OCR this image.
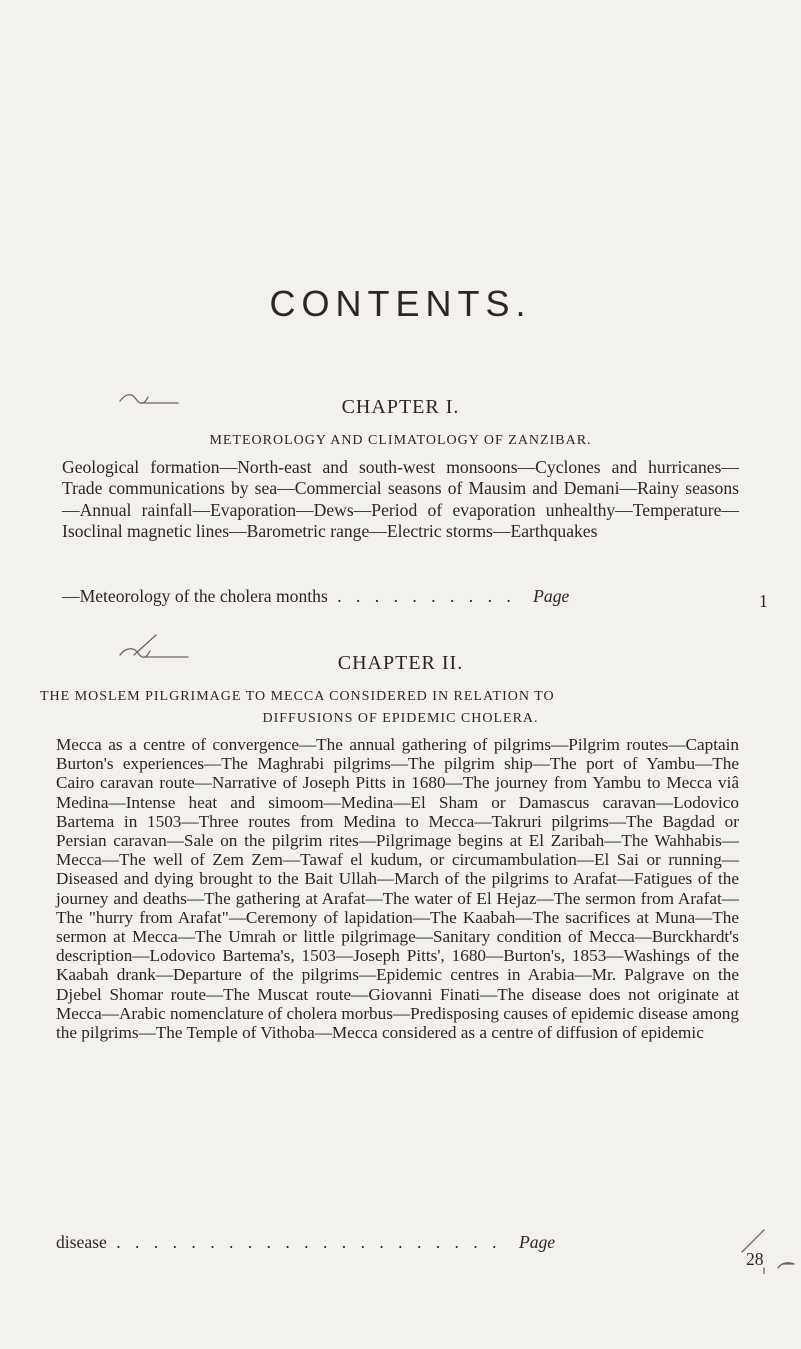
CONTENTS.
CHAPTER I.
METEOROLOGY AND CLIMATOLOGY OF ZANZIBAR.

Geological formation—North-east and south-west monsoons—Cyclones and hurricanes—Trade communications by sea—Commercial seasons of Mausim and Demani—Rainy seasons—Annual rainfall—Evaporation—Dews—Period of evaporation unhealthy—Temperature—Isoclinal magnetic lines—Barometric range—Electric storms—Earthquakes

—Meteorology of the cholera months . . . . . . . . . . Page	1
CHAPTER II.
THE MOSLEM PILGRIMAGE TO MECCA CONSIDERED IN RELATION TO
DIFFUSIONS OF EPIDEMIC CHOLERA.

Mecca as a centre of convergence—The annual gathering of pilgrims—Pilgrim routes—Captain Burton's experiences—The Maghrabi pilgrims—The pilgrim ship—The port of Yambu—The Cairo caravan route—Narrative of Joseph Pitts in 1680—The journey from Yambu to Mecca viâ Medina—Intense heat and simoom—Medina—El Sham or Damascus caravan—Lodovico Bartema in 1503—Three routes from Medina to Mecca—Takruri pilgrims—The Bagdad or Persian caravan—Sale on the pilgrim rites—Pilgrimage begins at El Zaribah—The Wahhabis—Mecca—The well of Zem Zem—Tawaf el kudum, or circumambulation—El Sai or running—Diseased and dying brought to the Bait Ullah—March of the pilgrims to Arafat—Fatigues of the journey and deaths—The gathering at Arafat—The water of El Hejaz—The sermon from Arafat—The "hurry from Arafat"—Ceremony of lapidation—The Kaabah—The sacrifices at Muna—The sermon at Mecca—The Umrah or little pilgrimage—Sanitary condition of Mecca—Burckhardt's description—Lodovico Bartema's, 1503—Joseph Pitts', 1680—Burton's, 1853—Washings of the Kaabah drank—Departure of the pilgrims—Epidemic centres in Arabia—Mr. Palgrave on the Djebel Shomar route—The Muscat route—Giovanni Finati—The disease does not originate at Mecca—Arabic nomenclature of cholera morbus—Predisposing causes of epidemic disease among the pilgrims—The Temple of Vithoba—Mecca considered as a centre of diffusion of epidemic

disease . . . . . . . . . . . . . . . . . . . . . Page
28
